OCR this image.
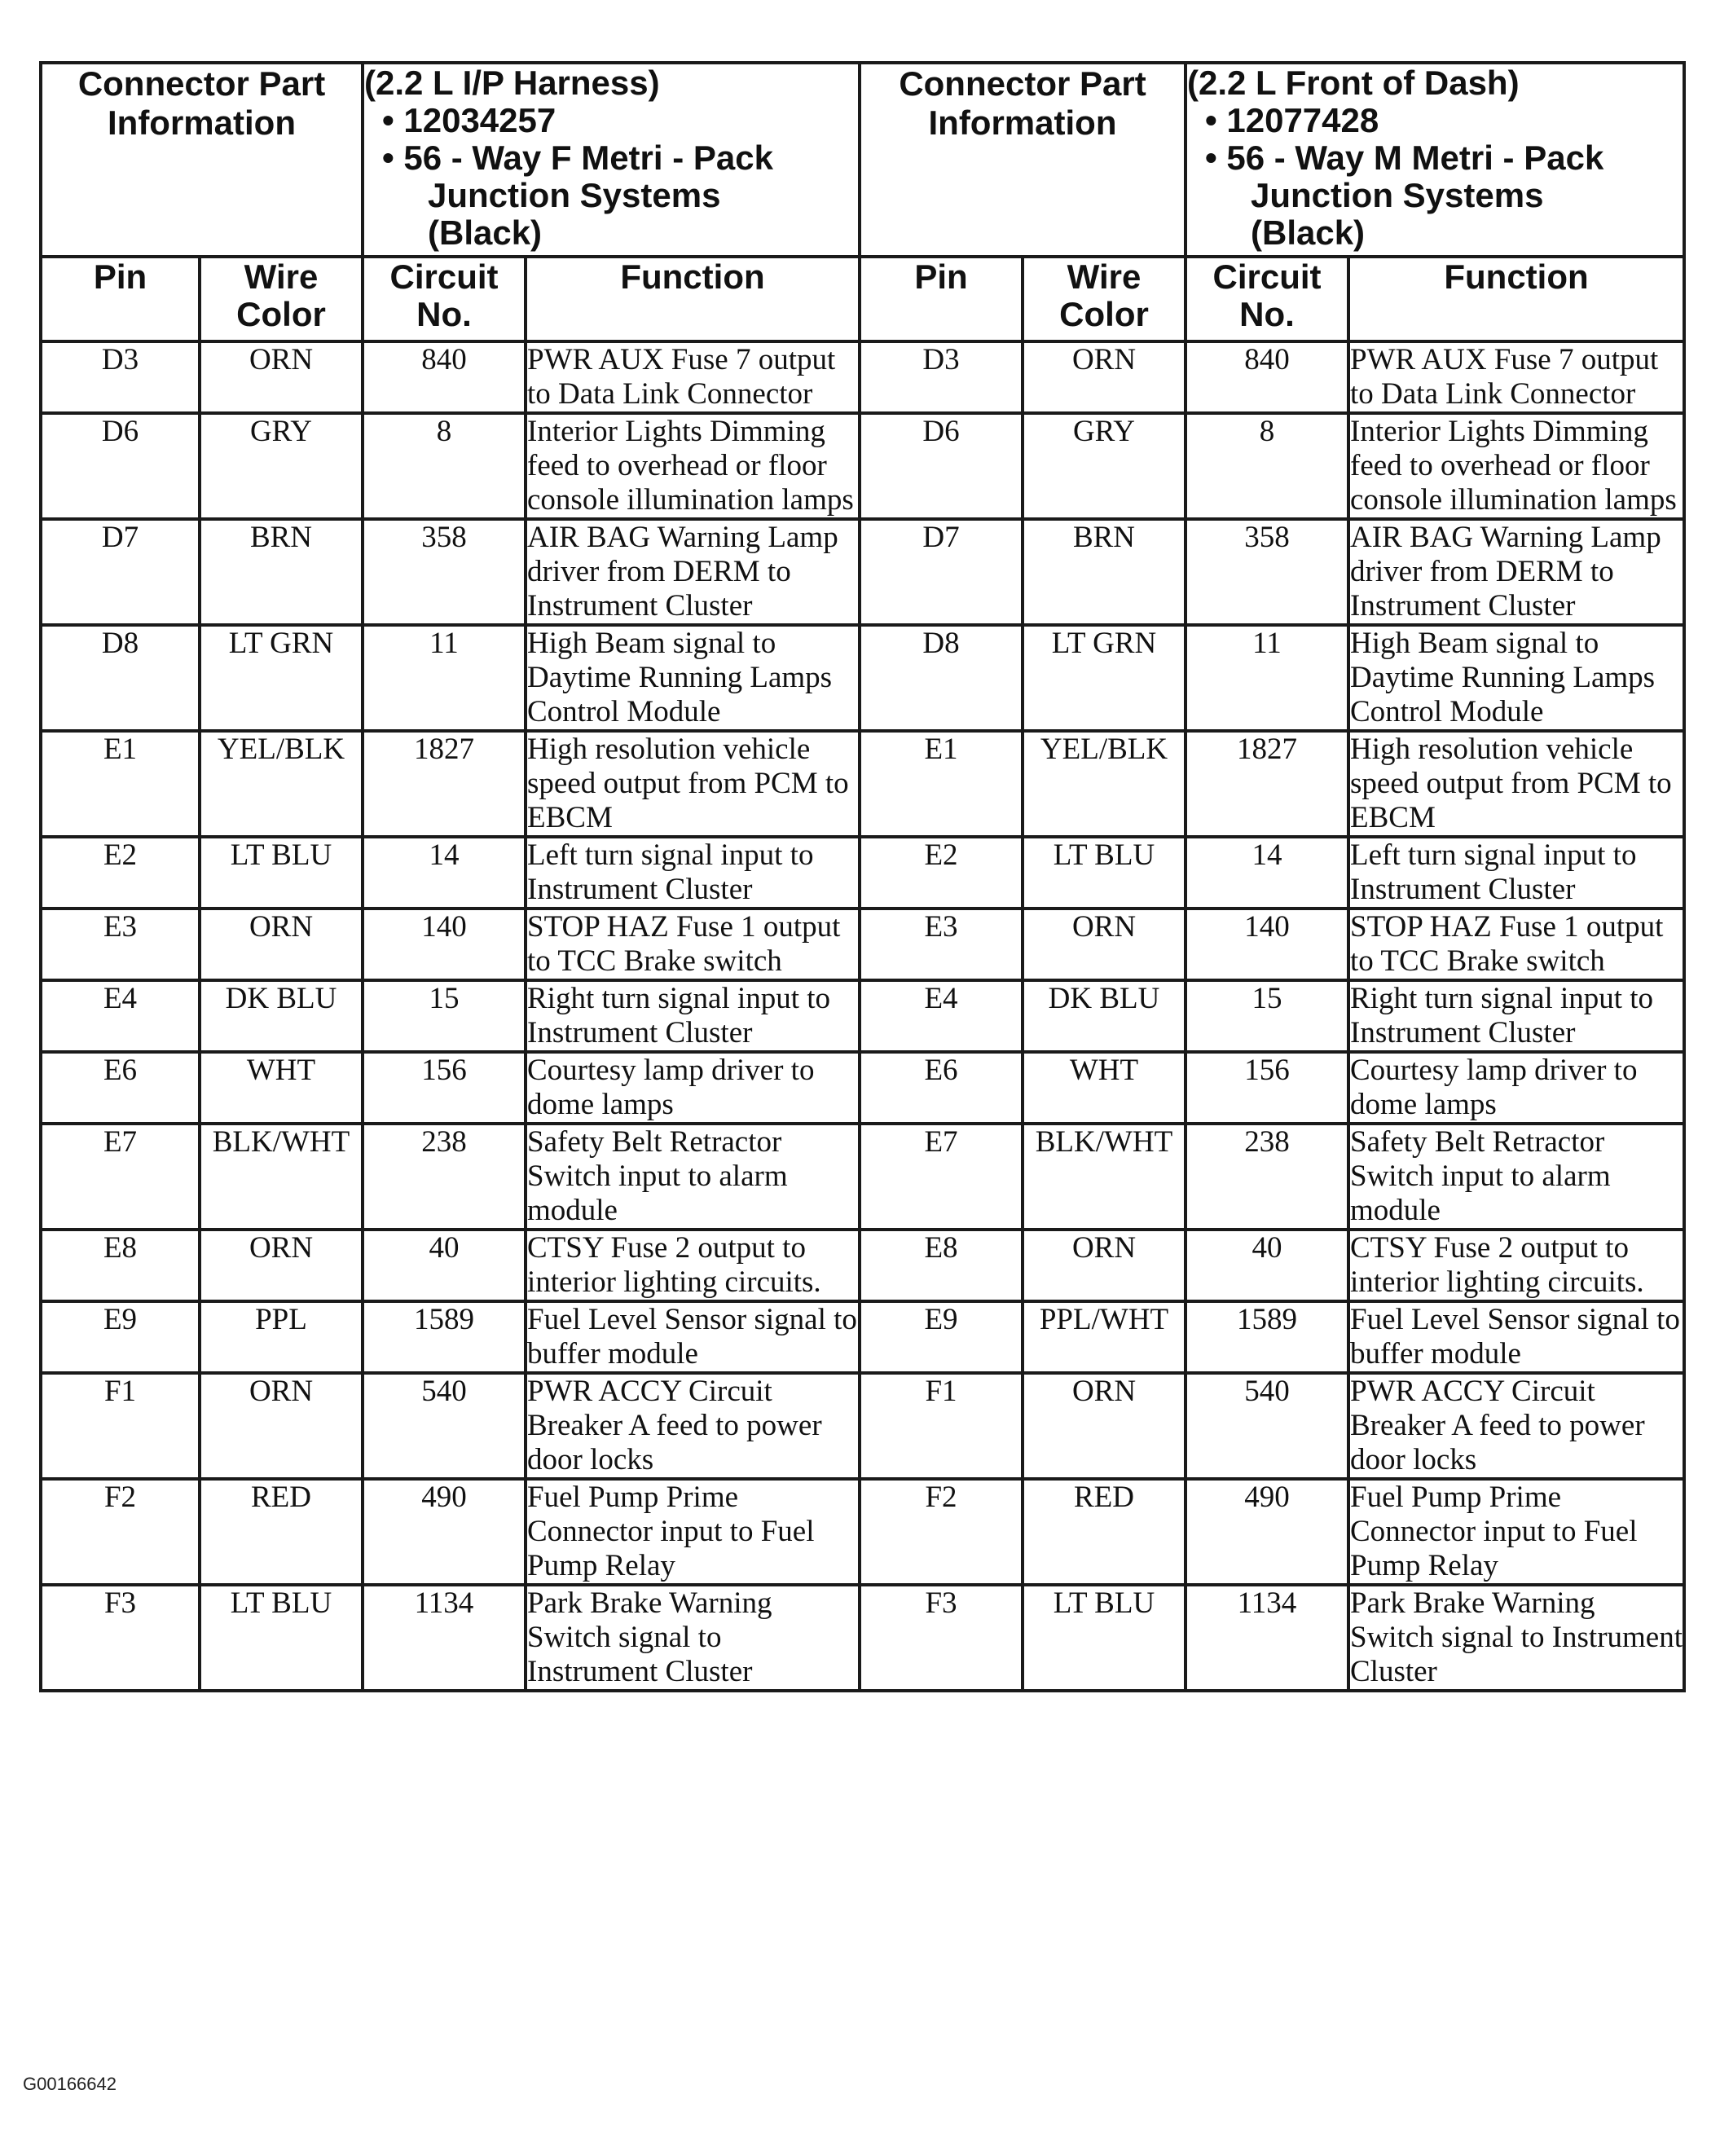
Connector Part Information		(2.2 L I/P Harness)
• 12034257
• 56 - Way F Metri - Pack
Junction Systems
(Black)		Connector Part Information		(2.2 L Front of Dash)
• 12077428
• 56 - Way M Metri - Pack
Junction Systems
(Black)	

Pin	Wire Color	Circuit No.	Function	Pin	Wire Color	Circuit No.	Function
D3	ORN	840	PWR AUX Fuse 7 output to Data Link Connector	D3	ORN	840	PWR AUX Fuse 7 output to Data Link Connector
D6	GRY	8	Interior Lights Dimming feed to overhead or floor console illumination lamps	D6	GRY	8	Interior Lights Dimming feed to overhead or floor console illumination lamps
D7	BRN	358	AIR BAG Warning Lamp driver from DERM to Instrument Cluster	D7	BRN	358	AIR BAG Warning Lamp driver from DERM to Instrument Cluster
D8	LT GRN	11	High Beam signal to Daytime Running Lamps Control Module	D8	LT GRN	11	High Beam signal to Daytime Running Lamps Control Module
E1	YEL/BLK	1827	High resolution vehicle speed output from PCM to EBCM	E1	YEL/BLK	1827	High resolution vehicle speed output from PCM to EBCM
E2	LT BLU	14	Left turn signal input to Instrument Cluster	E2	LT BLU	14	Left turn signal input to Instrument Cluster
E3	ORN	140	STOP HAZ Fuse 1 output to TCC Brake switch	E3	ORN	140	STOP HAZ Fuse 1 output to TCC Brake switch
E4	DK BLU	15	Right turn signal input to Instrument Cluster	E4	DK BLU	15	Right turn signal input to Instrument Cluster
E6	WHT	156	Courtesy lamp driver to dome lamps	E6	WHT	156	Courtesy lamp driver to dome lamps
E7	BLK/WHT	238	Safety Belt Retractor Switch input to alarm module	E7	BLK/WHT	238	Safety Belt Retractor Switch input to alarm module
E8	ORN	40	CTSY Fuse 2 output to interior lighting circuits.	E8	ORN	40	CTSY Fuse 2 output to interior lighting circuits.
E9	PPL	1589	Fuel Level Sensor signal to buffer module	E9	PPL/WHT	1589	Fuel Level Sensor signal to buffer module
F1	ORN	540	PWR ACCY Circuit Breaker A feed to power door locks	F1	ORN	540	PWR ACCY Circuit Breaker A feed to power door locks
F2	RED	490	Fuel Pump Prime Connector input to Fuel Pump Relay	F2	RED	490	Fuel Pump Prime Connector input to Fuel Pump Relay
F3	LT BLU	1134	Park Brake Warning Switch signal to Instrument Cluster	F3	LT BLU	1134	Park Brake Warning Switch signal to Instrument Cluster
G00166642
